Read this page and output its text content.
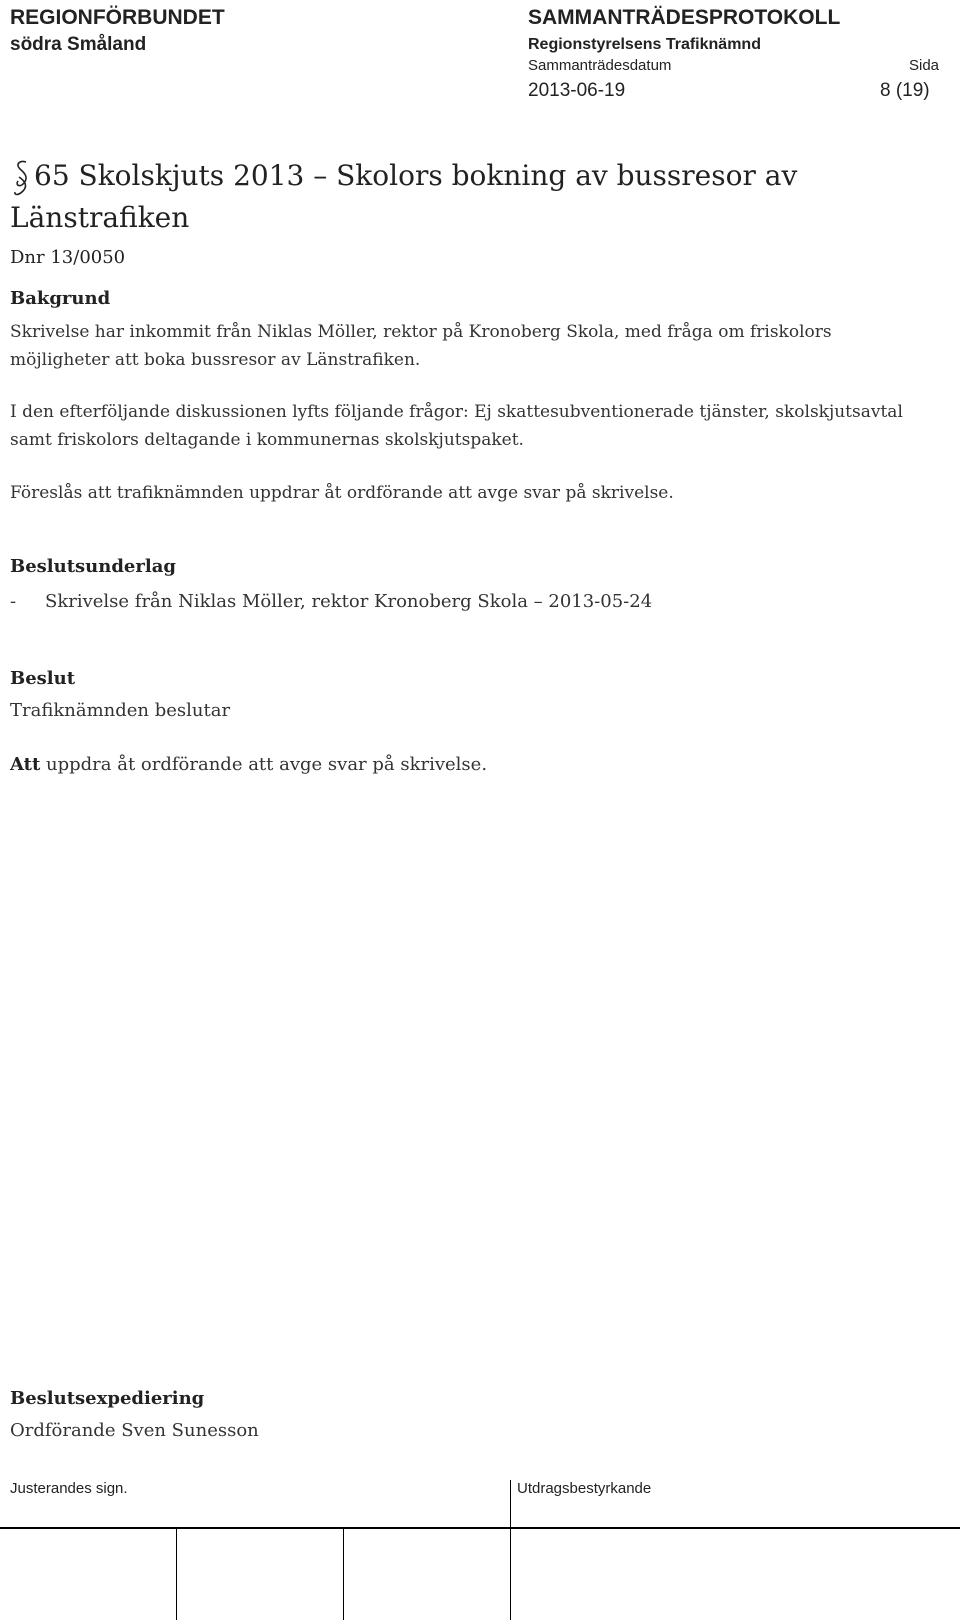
REGIONFÖRBUNDET
södra Småland
SAMMANTRÄDESPROTOKOLL
Regionstyrelsens Trafiknämnd
Sammanträdesdatum	Sida
2013-06-19	8 (19)
65 Skolskjuts 2013 – Skolors bokning av bussresor av Länstrafiken
Dnr 13/0050
Bakgrund
Skrivelse har inkommit från Niklas Möller, rektor på Kronoberg Skola, med fråga om friskolors möjligheter att boka bussresor av Länstrafiken.
I den efterföljande diskussionen lyfts följande frågor: Ej skattesubventionerade tjänster, skolskjutsavtal samt friskolors deltagande i kommunernas skolskjutspaket.
Föreslås att trafiknämnden uppdrar åt ordförande att avge svar på skrivelse.
Beslutsunderlag
- Skrivelse från Niklas Möller, rektor Kronoberg Skola – 2013-05-24
Beslut
Trafiknämnden beslutar
Att uppdra åt ordförande att avge svar på skrivelse.
Beslutsexpediering
Ordförande Sven Sunesson
Justerandes sign.	Utdragsbestyrkande
